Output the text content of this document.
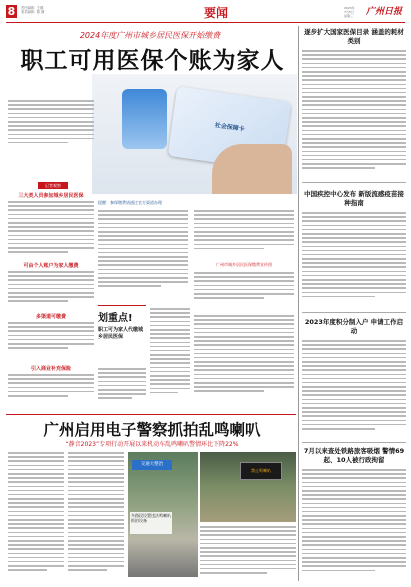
8	责任编辑：王娜
美术编辑：陈 静	要闻	2023年
7月5日
星期三	广州日报
2024年度广州市城乡居民医保开始缴费
职工可用医保个账为家人
社会保障卡
记者观察
三大类人员参加城乡居民医保
可由个人账户为家人缴费
多渠道可缴费
引入商业补充保险
提醒：参保缴费请通过官方渠道办理
广州市城乡居民医保缴费宣传图
划重点!
职工可为家人代缴城乡居民医保
广州启用电子警察抓拍乱鸣喇叭
“静音2023”专项行动开展以来机动车乱鸣喇叭警情环比下降22%
交通大整治
多路段设置违法鸣喇叭抓拍设备
禁止鸣喇叭
逐步扩大国家医保目录 涵盖的耗材类别
中国疾控中心发布 新版流感疫苗接种指南
2023年度积分制入户 申请工作启动
7月以来查处铁路旅客吸烟 警情69起、10人被行政拘留
